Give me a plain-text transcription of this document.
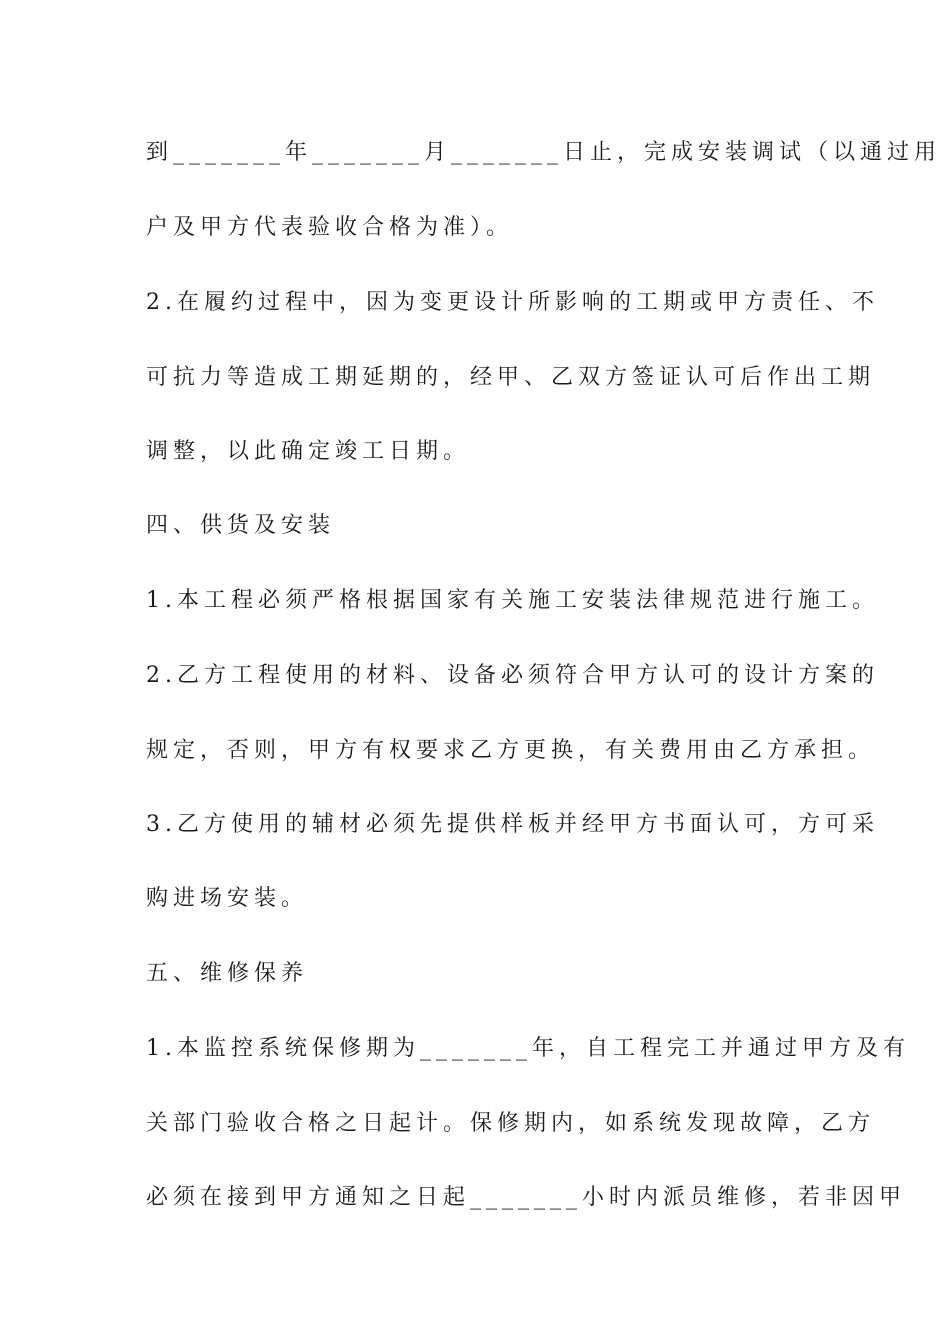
到_______年_______月_______日止，完成安装调试（以通过用
户及甲方代表验收合格为准）。
2.在履约过程中，因为变更设计所影响的工期或甲方责任、不
可抗力等造成工期延期的，经甲、乙双方签证认可后作出工期
调整，以此确定竣工日期。
四、供货及安装
1.本工程必须严格根据国家有关施工安装法律规范进行施工。
2.乙方工程使用的材料、设备必须符合甲方认可的设计方案的
规定，否则，甲方有权要求乙方更换，有关费用由乙方承担。
3.乙方使用的辅材必须先提供样板并经甲方书面认可，方可采
购进场安装。
五、维修保养
1.本监控系统保修期为_______年，自工程完工并通过甲方及有
关部门验收合格之日起计。保修期内，如系统发现故障，乙方
必须在接到甲方通知之日起_______小时内派员维修，若非因甲
